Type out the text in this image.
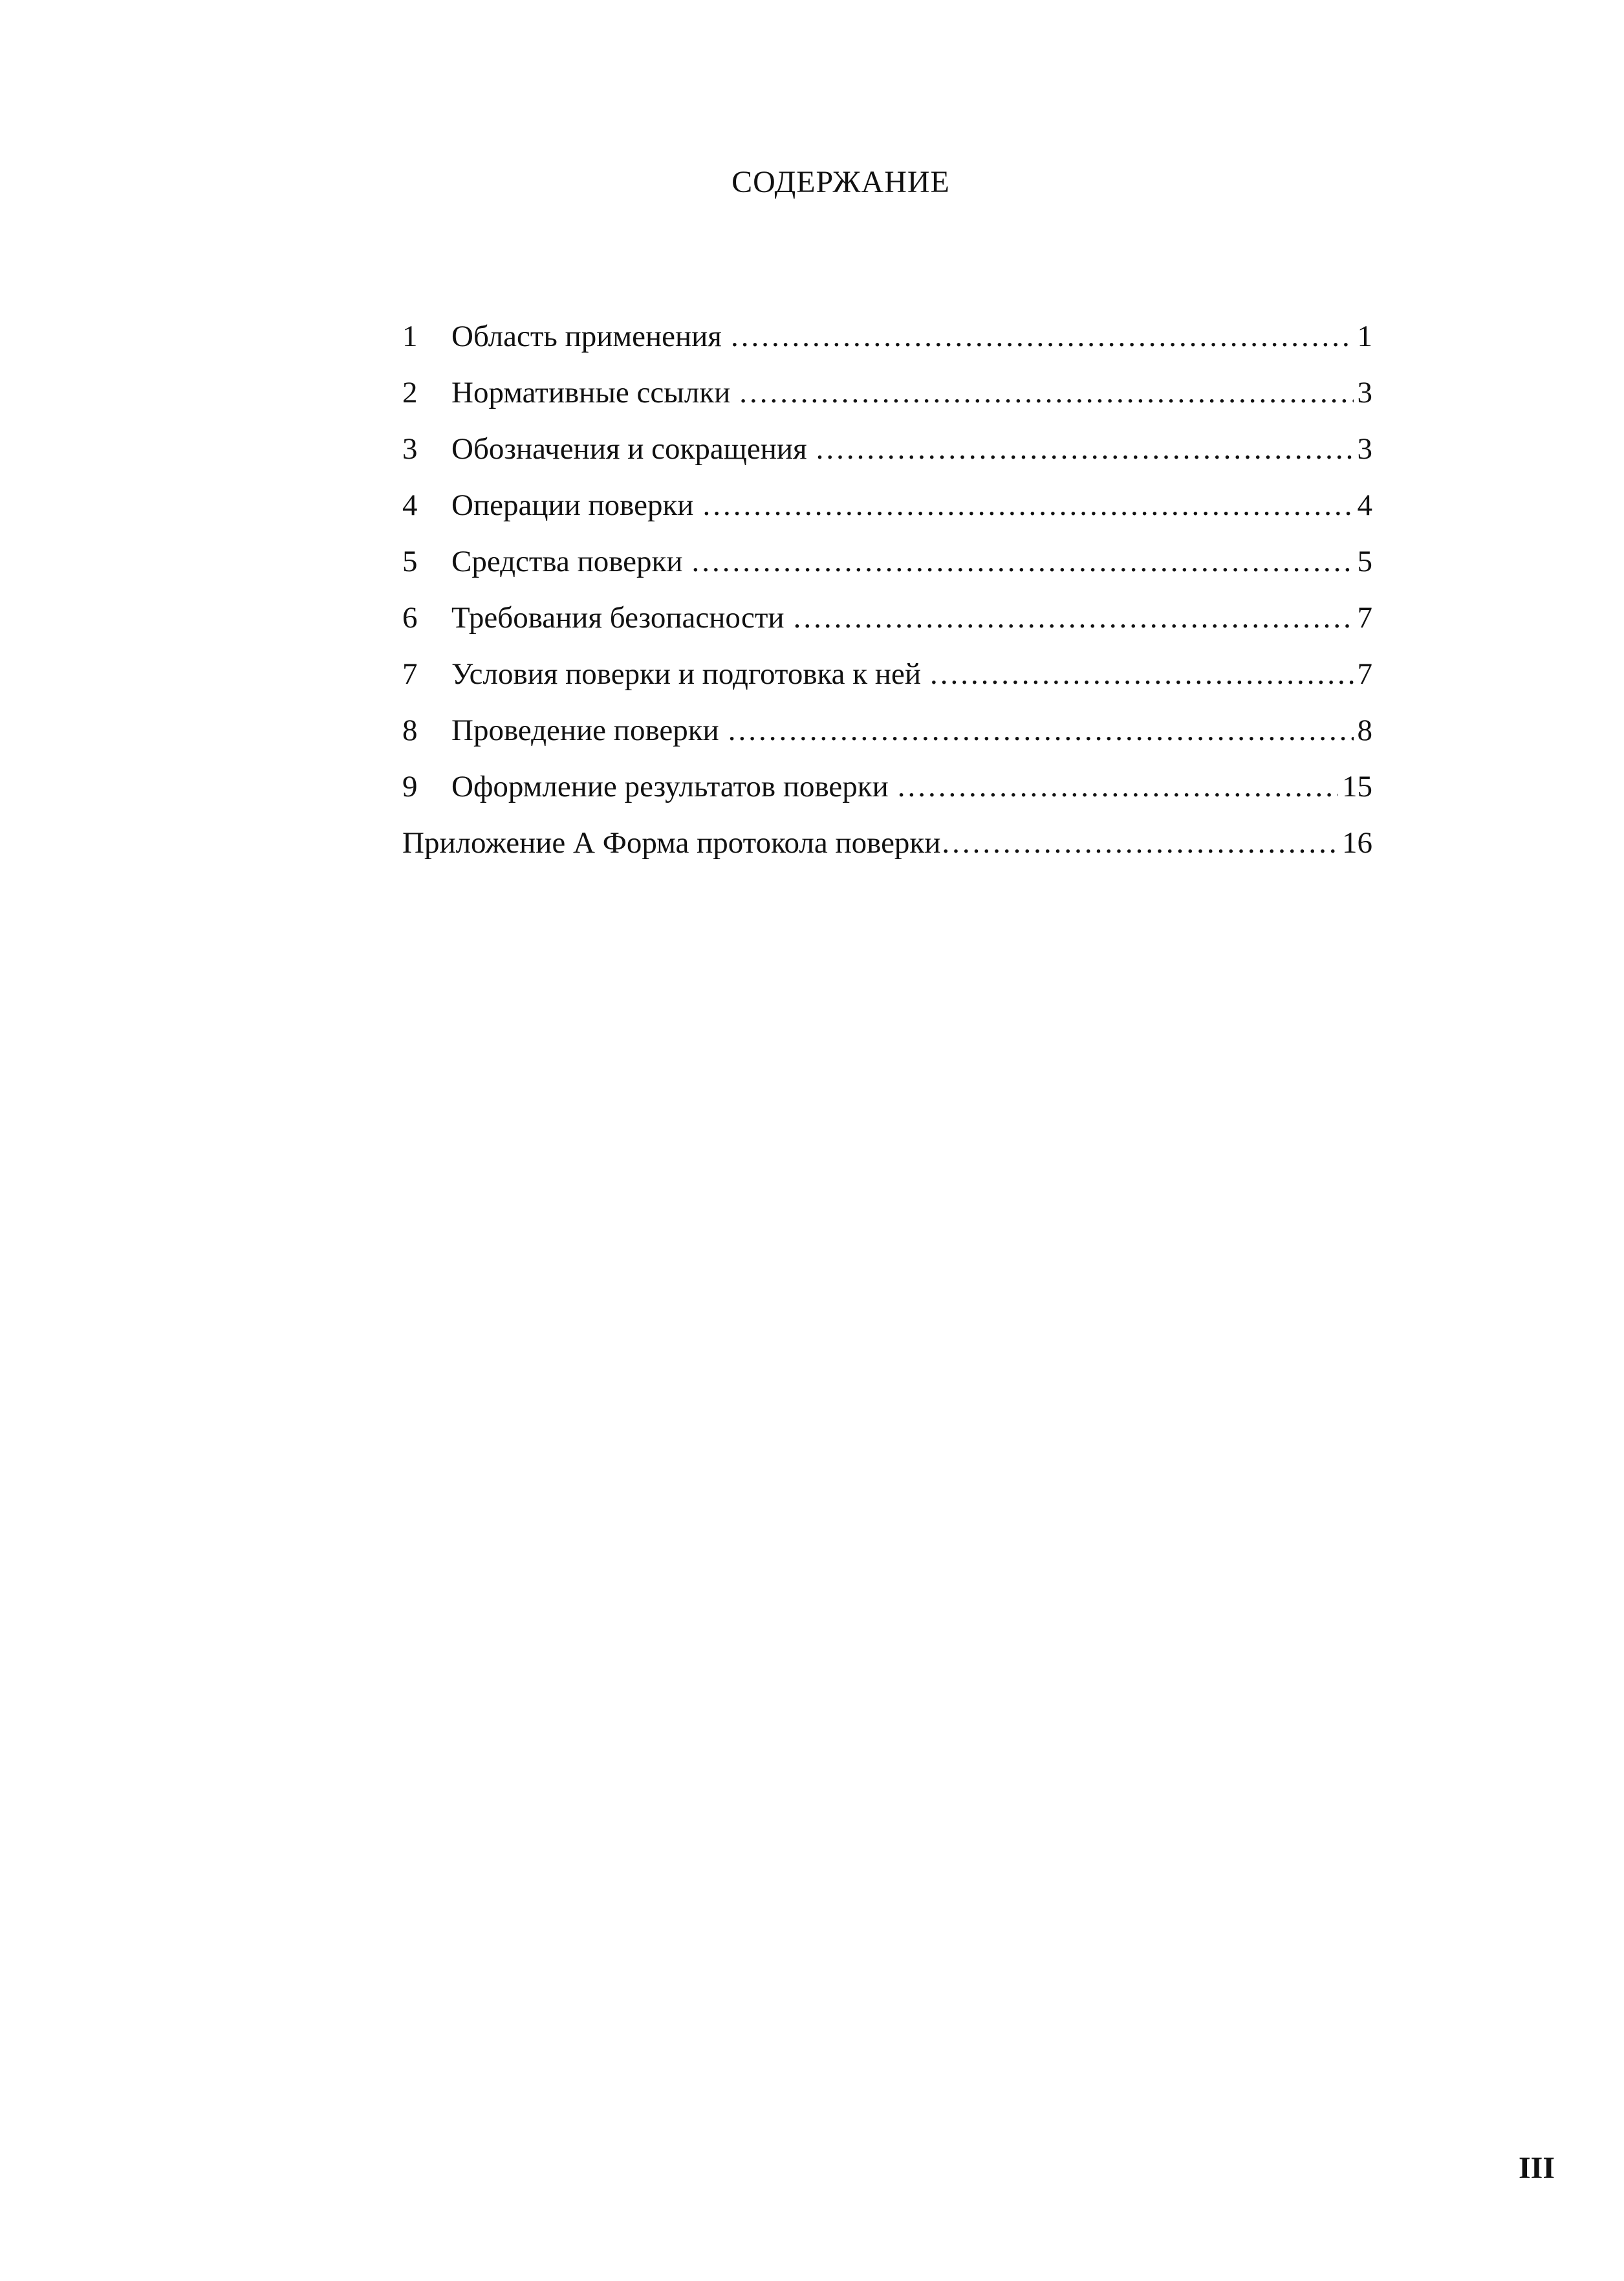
СОДЕРЖАНИЕ
1	Область применения .....	1
2	Нормативные ссылки .....	3
3	Обозначения и сокращения .....	3
4	Операции поверки .....	4
5	Средства поверки .....	5
6	Требования безопасности .....	7
7	Условия поверки и подготовка к ней .....	7
8	Проведение поверки .....	8
9	Оформление результатов поверки .....	15
Приложение А Форма протокола поверки .....	16
III
